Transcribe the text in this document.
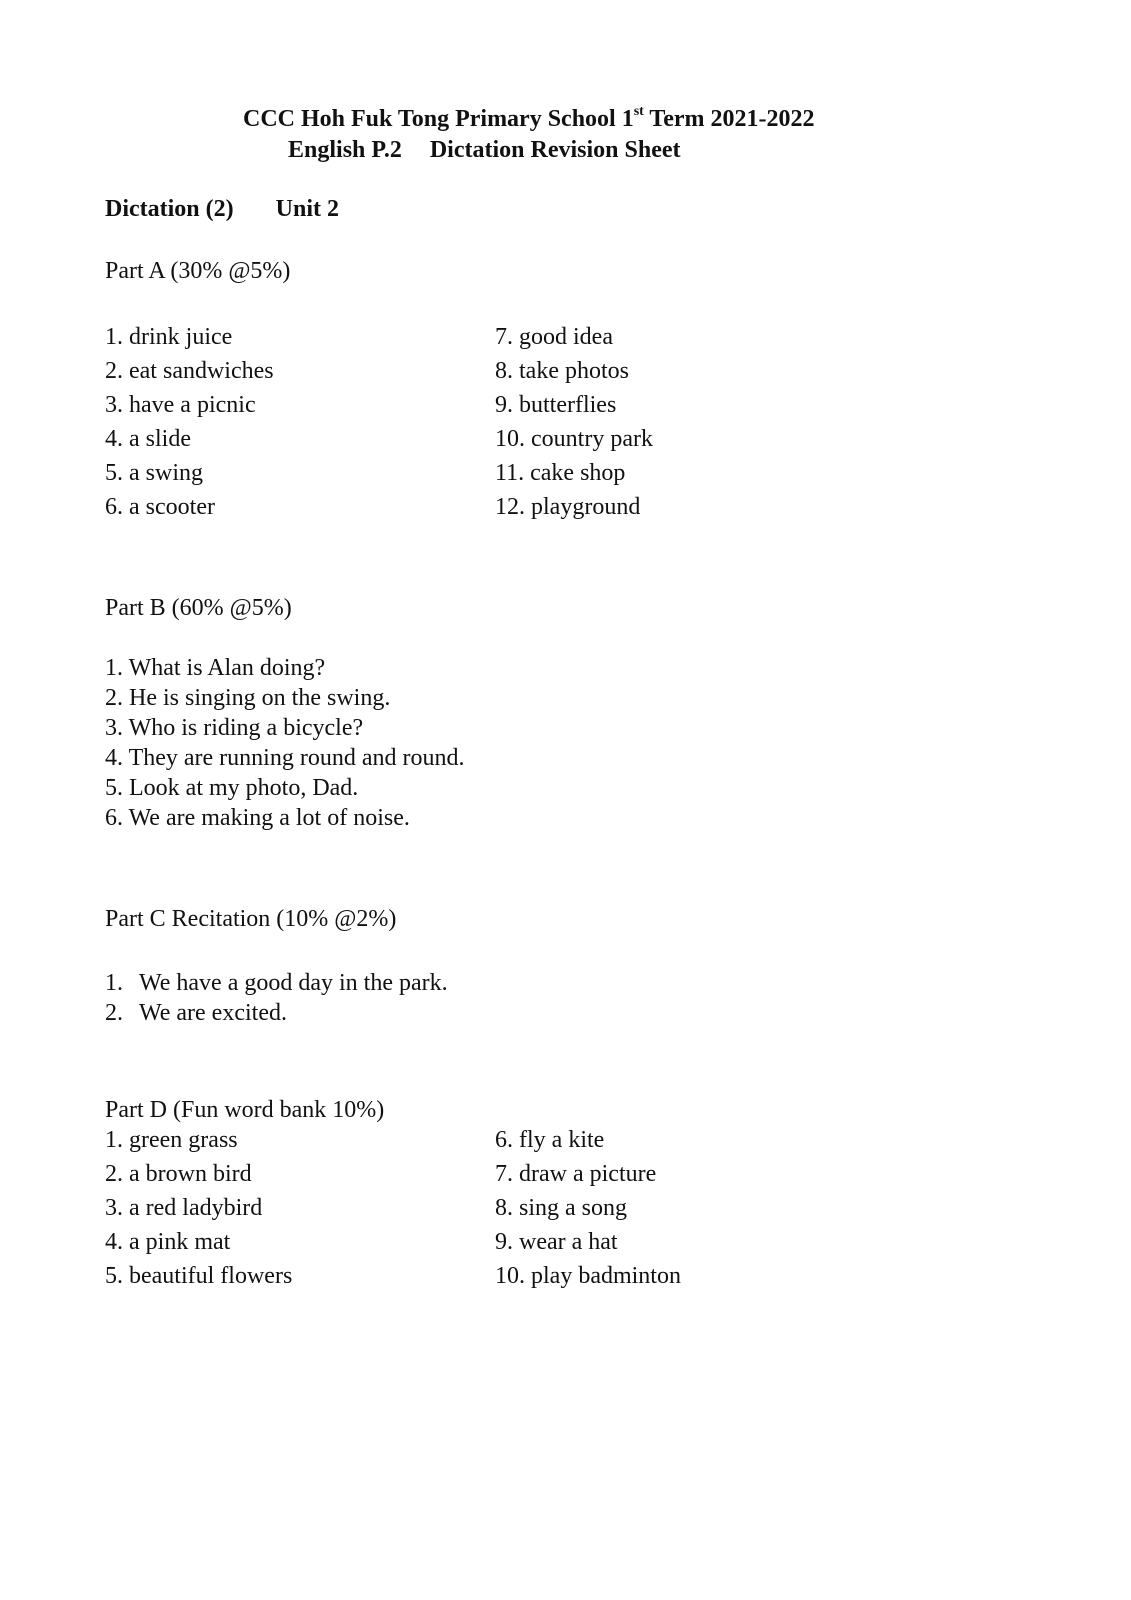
CCC Hoh Fuk Tong Primary School 1st Term 2021-2022
English P.2 Dictation Revision Sheet
Dictation (2) Unit 2
Part A (30% @5%)
1. drink juice
2. eat sandwiches
3. have a picnic
4. a slide
5. a swing
6. a scooter
7. good idea
8. take photos
9. butterflies
10. country park
11. cake shop
12. playground
Part B (60% @5%)
1. What is Alan doing?
2. He is singing on the swing.
3. Who is riding a bicycle?
4. They are running round and round.
5. Look at my photo, Dad.
6. We are making a lot of noise.
Part C Recitation (10% @2%)
1. We have a good day in the park.
2. We are excited.
Part D (Fun word bank 10%)
1. green grass
2. a brown bird
3. a red ladybird
4. a pink mat
5. beautiful flowers
6. fly a kite
7. draw a picture
8. sing a song
9. wear a hat
10. play badminton
